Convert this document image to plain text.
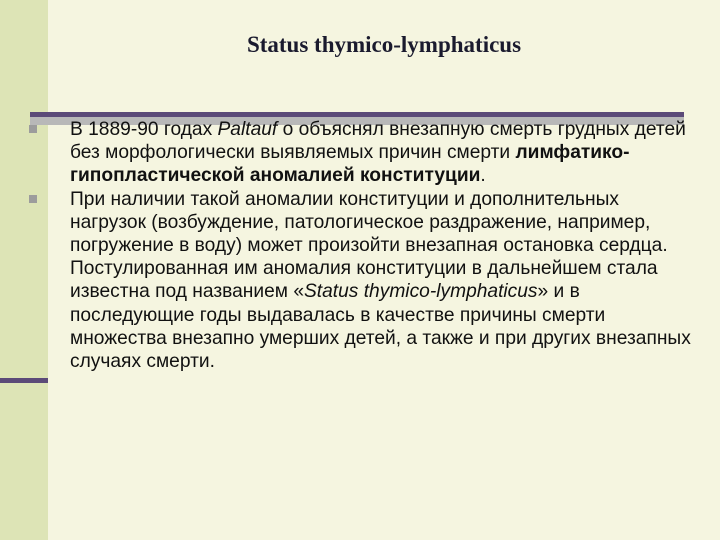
Status thymico-lymphaticus
В 1889-90 годах Paltauf о объяснял внезапную смерть грудных детей без морфологически выявляемых причин смерти лимфатико-гипопластической аномалией конституции.
При наличии такой аномалии конституции и дополнительных нагрузок (возбуждение, патологическое раздражение, например, погружение в воду) может произойти внезапная остановка сердца. Постулированная им аномалия конституции в дальнейшем стала известна под названием «Status thymico-lymphaticus» и в последующие годы выдавалась в качестве причины смерти множества внезапно умерших детей, а также и при других внезапных случаях смерти.
